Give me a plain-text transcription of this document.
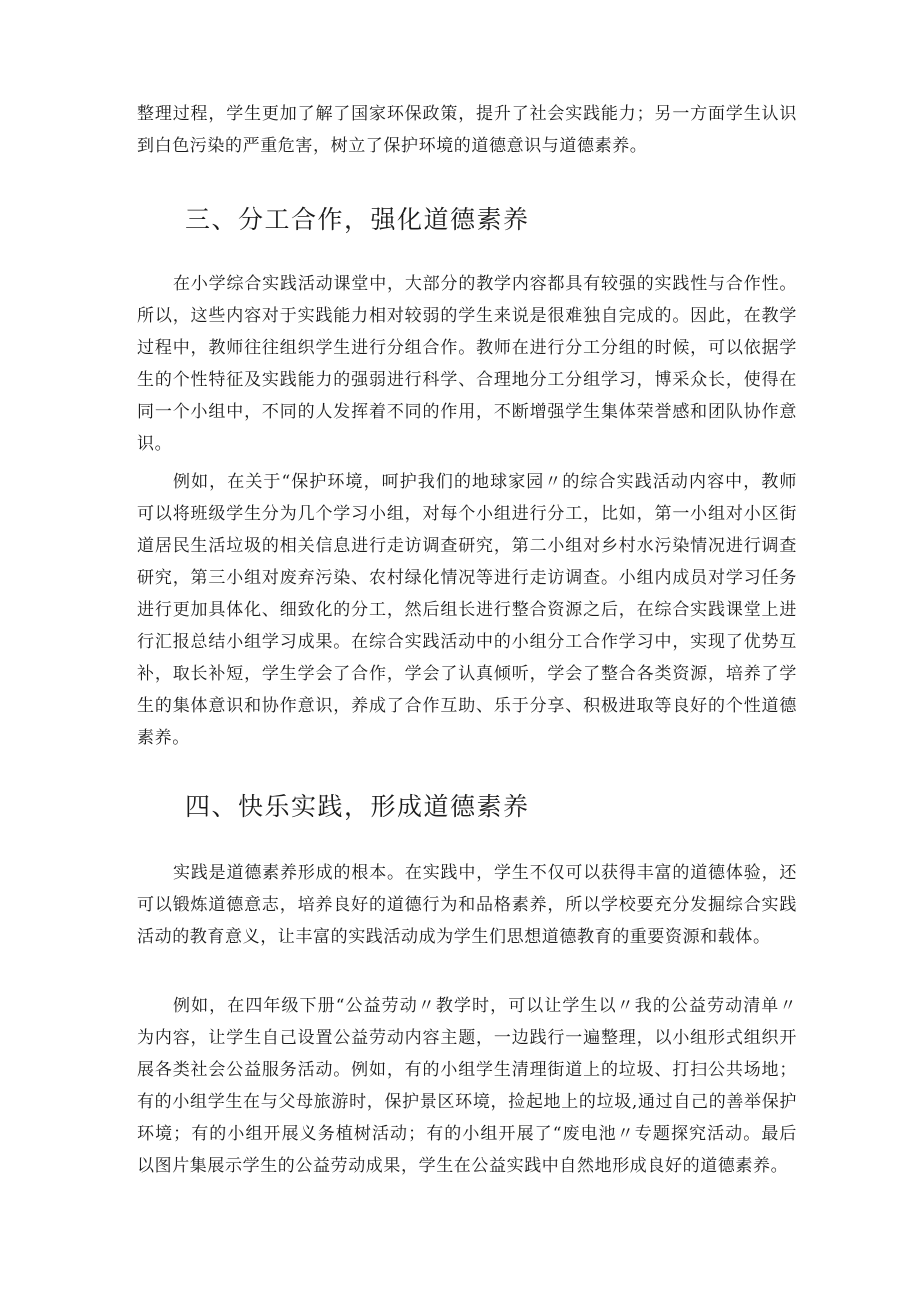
整理过程，学生更加了解了国家环保政策，提升了社会实践能力；另一方面学生认识到白色污染的严重危害，树立了保护环境的道德意识与道德素养。

三、分工合作，强化道德素养

在小学综合实践活动课堂中，大部分的教学内容都具有较强的实践性与合作性。所以，这些内容对于实践能力相对较弱的学生来说是很难独自完成的。因此，在教学过程中，教师往往组织学生进行分组合作。教师在进行分工分组的时候，可以依据学生的个性特征及实践能力的强弱进行科学、合理地分工分组学习，博采众长，使得在同一个小组中，不同的人发挥着不同的作用，不断增强学生集体荣誉感和团队协作意识。

例如，在关于“保护环境，呵护我们的地球家园〃的综合实践活动内容中，教师可以将班级学生分为几个学习小组，对每个小组进行分工，比如，第一小组对小区街道居民生活垃圾的相关信息进行走访调查研究，第二小组对乡村水污染情况进行调查研究，第三小组对废弃污染、农村绿化情况等进行走访调查。小组内成员对学习任务进行更加具体化、细致化的分工，然后组长进行整合资源之后，在综合实践课堂上进行汇报总结小组学习成果。在综合实践活动中的小组分工合作学习中，实现了优势互补，取长补短，学生学会了合作，学会了认真倾听，学会了整合各类资源，培养了学生的集体意识和协作意识，养成了合作互助、乐于分享、积极进取等良好的个性道德素养。

四、快乐实践，形成道德素养

实践是道德素养形成的根本。在实践中，学生不仅可以获得丰富的道德体验，还可以锻炼道德意志，培养良好的道德行为和品格素养，所以学校要充分发掘综合实践活动的教育意义，让丰富的实践活动成为学生们思想道德教育的重要资源和载体。

例如，在四年级下册“公益劳动〃教学时，可以让学生以〃我的公益劳动清单〃为内容，让学生自己设置公益劳动内容主题，一边践行一遍整理，以小组形式组织开展各类社会公益服务活动。例如，有的小组学生清理街道上的垃圾、打扫公共场地；有的小组学生在与父母旅游时，保护景区环境，捡起地上的垃圾,通过自己的善举保护环境；有的小组开展义务植树活动；有的小组开展了“废电池〃专题探究活动。最后以图片集展示学生的公益劳动成果，学生在公益实践中自然地形成良好的道德素养。
